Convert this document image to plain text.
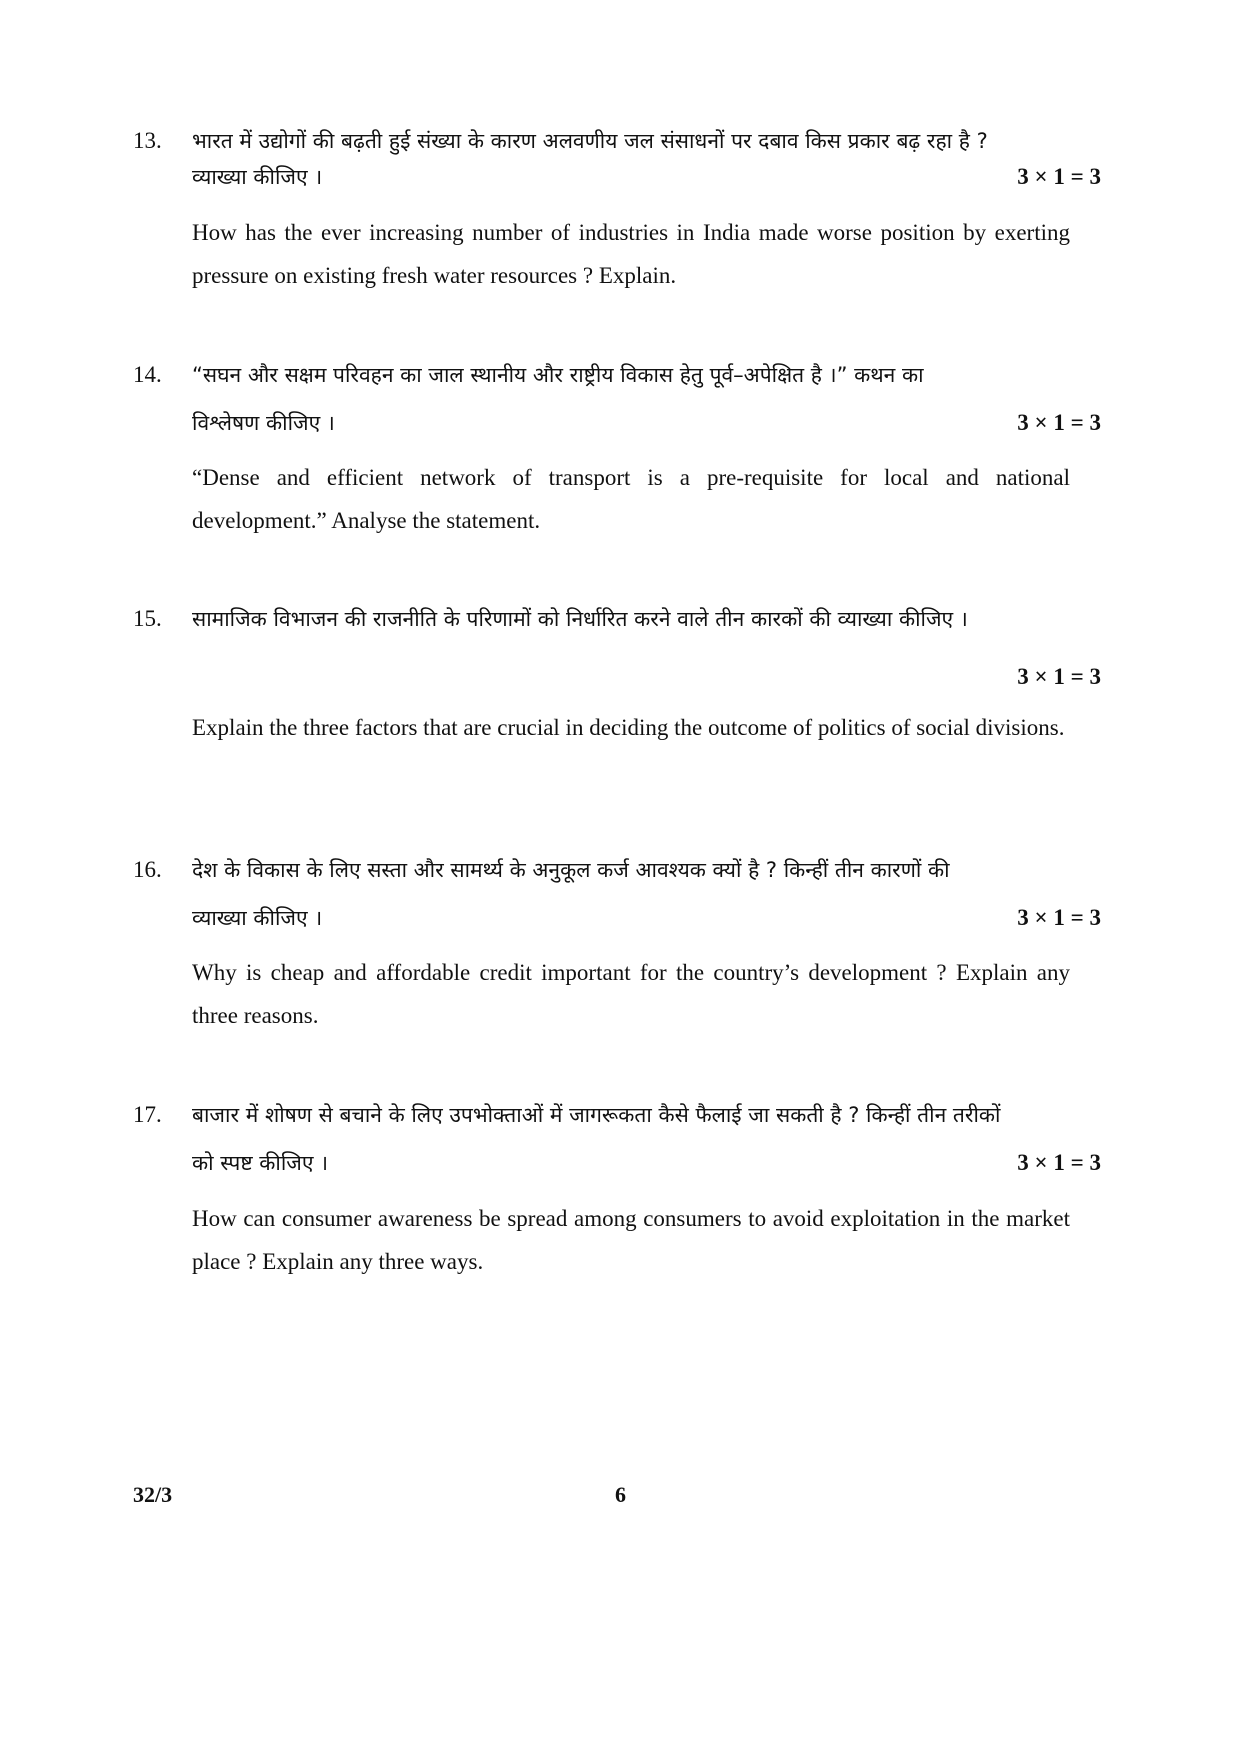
13. भारत में उद्योगों की बढ़ती हुई संख्या के कारण अलवणीय जल संसाधनों पर दबाव किस प्रकार बढ़ रहा है ?
व्याख्या कीजिए ।	3 × 1 = 3
How has the ever increasing number of industries in India made worse position by exerting pressure on existing fresh water resources ? Explain.
14. “सघन और सक्षम परिवहन का जाल स्थानीय और राष्ट्रीय विकास हेतु पूर्व–अपेक्षित है ।” कथन का
विश्लेषण कीजिए ।	3 × 1 = 3
“Dense and efficient network of transport is a pre-requisite for local and national development.” Analyse the statement.
15. सामाजिक विभाजन की राजनीति के परिणामों को निर्धारित करने वाले तीन कारकों की व्याख्या कीजिए ।
3 × 1 = 3
Explain the three factors that are crucial in deciding the outcome of politics of social divisions.
16. देश के विकास के लिए सस्ता और सामर्थ्य के अनुकूल कर्ज आवश्यक क्यों है ? किन्हीं तीन कारणों की
व्याख्या कीजिए ।	3 × 1 = 3
Why is cheap and affordable credit important for the country’s development ? Explain any three reasons.
17. बाजार में शोषण से बचाने के लिए उपभोक्ताओं में जागरूकता कैसे फैलाई जा सकती है ? किन्हीं तीन तरीकों
को स्पष्ट कीजिए ।	3 × 1 = 3
How can consumer awareness be spread among consumers to avoid exploitation in the market place ? Explain any three ways.
32/3	6
